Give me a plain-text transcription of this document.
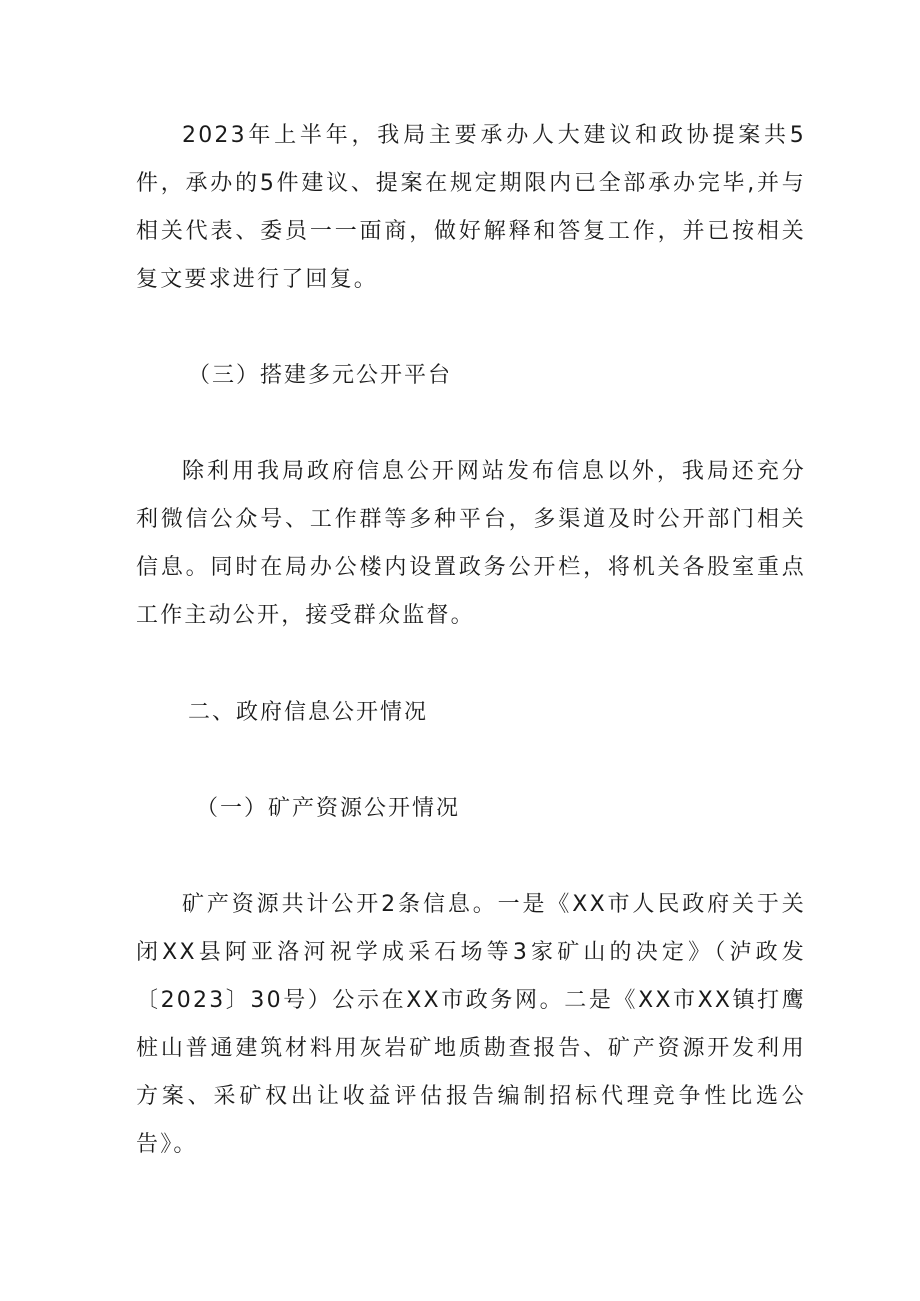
2023年上半年，我局主要承办人大建议和政协提案共5件，承办的5件建议、提案在规定期限内已全部承办完毕,并与相关代表、委员一一面商，做好解释和答复工作，并已按相关复文要求进行了回复。

（三）搭建多元公开平台

除利用我局政府信息公开网站发布信息以外，我局还充分利微信公众号、工作群等多种平台，多渠道及时公开部门相关信息。同时在局办公楼内设置政务公开栏，将机关各股室重点工作主动公开，接受群众监督。

二、政府信息公开情况
（一）矿产资源公开情况

矿产资源共计公开2条信息。一是《XX市人民政府关于关闭XX县阿亚洛河祝学成采石场等3家矿山的决定》（泸政发〔2023〕30号）公示在XX市政务网。二是《XX市XX镇打鹰桩山普通建筑材料用灰岩矿地质勘查报告、矿产资源开发利用方案、采矿权出让收益评估报告编制招标代理竞争性比选公告》。
